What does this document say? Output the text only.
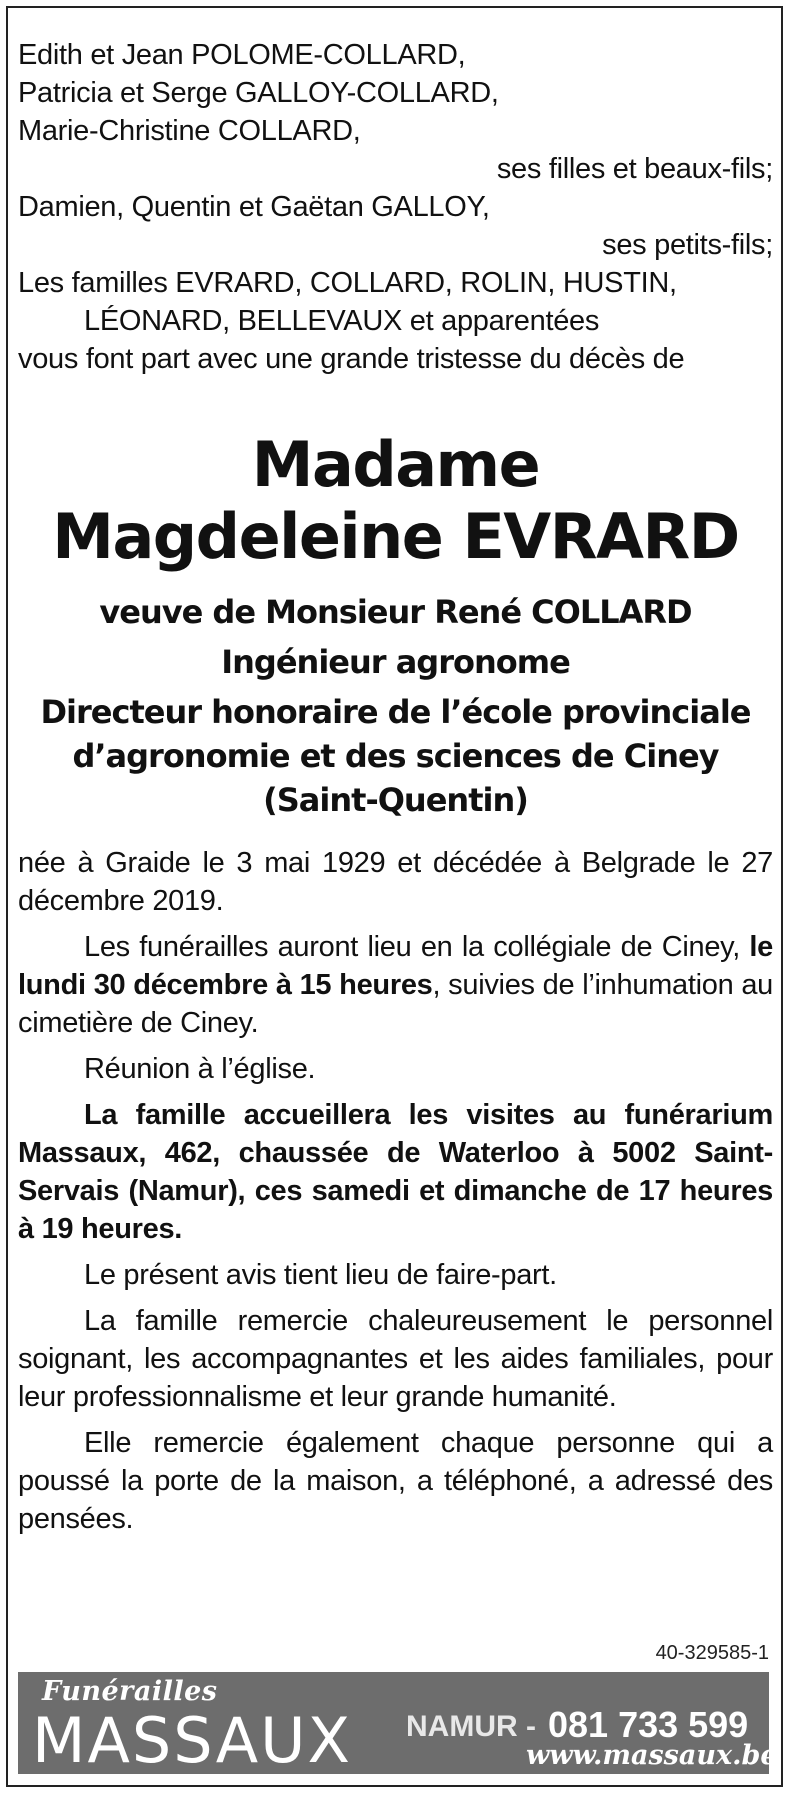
Edith et Jean POLOME-COLLARD,
Patricia et Serge GALLOY-COLLARD,
Marie-Christine COLLARD,
ses filles et beaux-fils;
Damien, Quentin et Gaëtan GALLOY,
ses petits-fils;
Les familles EVRARD, COLLARD, ROLIN, HUSTIN,
LÉONARD, BELLEVAUX et apparentées
vous font part avec une grande tristesse du décès de
Madame
Magdeleine EVRARD
veuve de Monsieur René COLLARD
Ingénieur agronome
Directeur honoraire de l’école provinciale
d’agronomie et des sciences de Ciney
(Saint-Quentin)
née à Graide le 3 mai 1929 et décédée à Belgrade le 27 décembre 2019.
Les funérailles auront lieu en la collégiale de Ciney, le lundi 30 décembre à 15 heures, suivies de l’inhumation au cimetière de Ciney.
Réunion à l’église.
La famille accueillera les visites au funérarium Massaux, 462, chaussée de Waterloo à 5002 Saint-Servais (Namur), ces samedi et dimanche de 17 heures à 19 heures.
Le présent avis tient lieu de faire-part.
La famille remercie chaleureusement le personnel soignant, les accompagnantes et les aides familiales, pour leur professionnalisme et leur grande humanité.
Elle remercie également chaque personne qui a poussé la porte de la maison, a téléphoné, a adressé des pensées.
40-329585-1
Funérailles
MASSAUX NAMUR - 081 733 599
www.massaux.be
